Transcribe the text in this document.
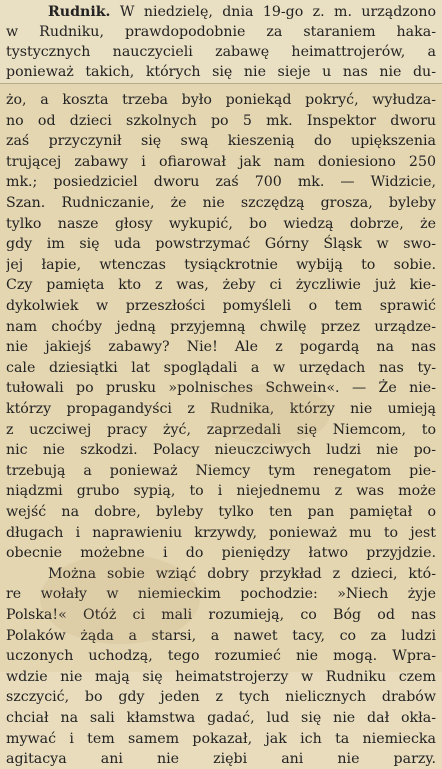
Rudnik. W niedzielę, dnia 19-go z. m. urządzono
w Rudniku, prawdopodobnie za staraniem haka-
tystycznych nauczycieli zabawę heimattrojerów, a
ponieważ takich, których się nie sieje u nas nie du-
żo, a koszta trzeba było poniekąd pokryć, wyłudza-
no od dzieci szkolnych po 5 mk. Inspektor dworu
zaś przyczynił się swą kieszenią do upiększenia
trującej zabawy i ofiarował jak nam doniesiono 250
mk.; posiedziciel dworu zaś 700 mk. — Widzicie,
Szan. Rudniczanie, że nie szczędzą grosza, byleby
tylko nasze głosy wykupić, bo wiedzą dobrze, że
gdy im się uda powstrzymać Górny Śląsk w swo-
jej łapie, wtenczas tysiąckrotnie wybiją to sobie.
Czy pamięta kto z was, żeby ci życzliwie już kie-
dykolwiek w przeszłości pomyśleli o tem sprawić
nam choćby jedną przyjemną chwilę przez urządze-
nie jakiejś zabawy? Nie! Ale z pogardą na nas
cale dziesiątki lat spoglądali a w urzędach nas ty-
tułowali po prusku »polnisches Schwein«. — Że nie-
którzy propagandyści z Rudnika, którzy nie umieją
z uczciwej pracy żyć, zaprzedali się Niemcom, to
nic nie szkodzi. Polacy nieuczciwych ludzi nie po-
trzebują a ponieważ Niemcy tym renegatom pie-
niądzmi grubo sypią, to i niejednemu z was może
wejść na dobre, byleby tylko ten pan pamiętał o
długach i naprawieniu krzywdy, ponieważ mu to jest
obecnie możebne i do pieniędzy łatwo przyjdzie.
Można sobie wziąć dobry przykład z dzieci, któ-
re wołały w niemieckim pochodzie: »Niech żyje
Polska!« Otóż ci mali rozumieją, co Bóg od nas
Polaków żąda a starsi, a nawet tacy, co za ludzi
uczonych uchodzą, tego rozumieć nie mogą. Wpra-
wdzie nie mają się heimatstrojerzy w Rudniku czem
szczycić, bo gdy jeden z tych nielicznych drabów
chciał na sali kłamstwa gadać, lud się nie dał okła-
mywać i tem samem pokazał, jak ich ta niemiecka
agitacya ani nie ziębi ani nie parzy.
